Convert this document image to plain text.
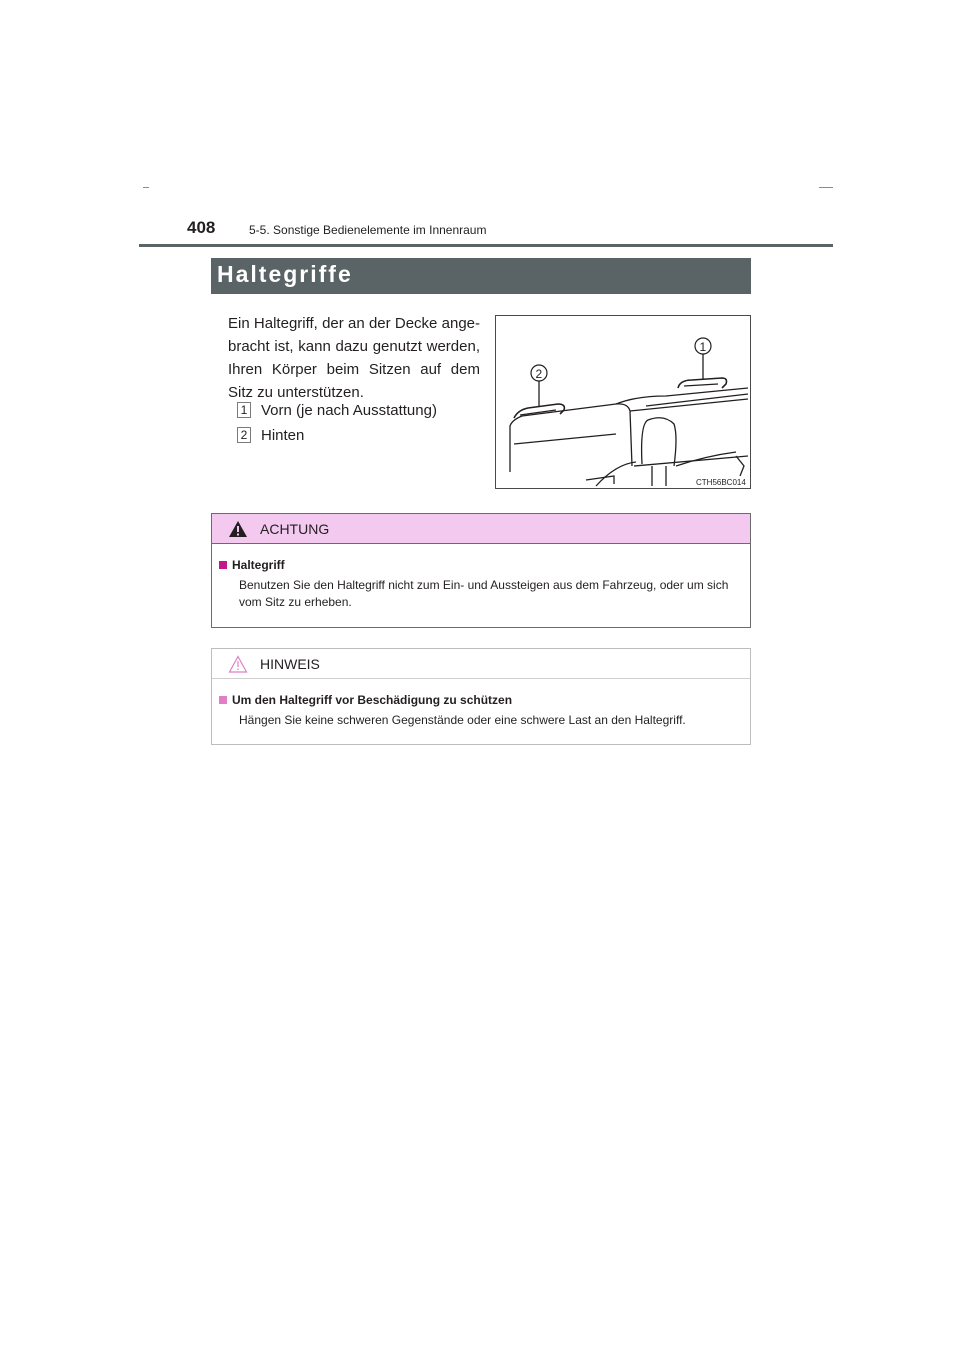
408	5-5. Sonstige Bedienelemente im Innenraum
Haltegriffe

Ein Haltegriff, der an der Decke ange- bracht ist, kann dazu genutzt werden, Ihren Körper beim Sitzen auf dem Sitz zu unterstützen.

1 Vorn (je nach Ausstattung)
2 Hinten
1
2
CTH56BC014
ACHTUNG
Haltegriff
Benutzen Sie den Haltegriff nicht zum Ein- und Aussteigen aus dem Fahrzeug, oder um sich vom Sitz zu erheben.
HINWEIS
Um den Haltegriff vor Beschädigung zu schützen
Hängen Sie keine schweren Gegenstände oder eine schwere Last an den Haltegriff.
